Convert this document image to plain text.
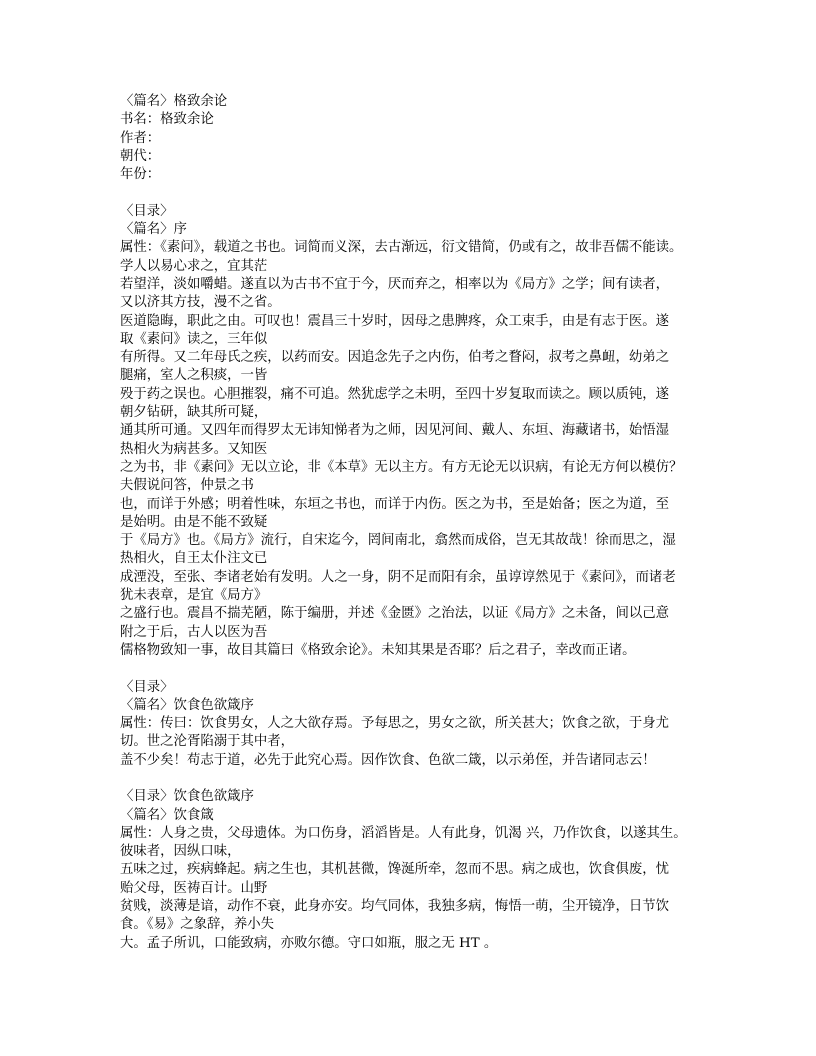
〈篇名〉格致余论
书名：格致余论
作者：
朝代：
年份：
〈目录〉
〈篇名〉序
属性：《素问》，载道之书也。词简而义深，去古渐远，衍文错简，仍或有之，故非吾儒不能读。
学人以易心求之，宜其茫
若望洋，淡如嚼蜡。遂直以为古书不宜于今，厌而弃之，相率以为《局方》之学；间有读者，
又以济其方技，漫不之省。
医道隐晦，职此之由。可叹也！震昌三十岁时，因母之患脾疼，众工束手，由是有志于医。遂
取《素问》读之，三年似
有所得。又二年母氏之疾，以药而安。因追念先子之内伤，伯考之瞀闷，叔考之鼻衄，幼弟之
腿痛，室人之积痰，一皆
殁于药之误也。心胆摧裂，痛不可追。然犹虑学之未明，至四十岁复取而读之。顾以质钝，遂
朝夕钻研，缺其所可疑，
通其所可通。又四年而得罗太无讳知悌者为之师，因见河间、戴人、东垣、海藏诸书，始悟湿
热相火为病甚多。又知医
之为书，非《素问》无以立论，非《本草》无以主方。有方无论无以识病，有论无方何以模仿？
夫假说问答，仲景之书
也，而详于外感；明着性味，东垣之书也，而详于内伤。医之为书，至是始备；医之为道，至
是始明。由是不能不致疑
于《局方》也。《局方》流行，自宋迄今，罔间南北，翕然而成俗，岂无其故哉！徐而思之，湿
热相火，自王太仆注文已
成湮没，至张、李诸老始有发明。人之一身，阴不足而阳有余，虽谆谆然见于《素问》，而诸老
犹未表章，是宜《局方》
之盛行也。震昌不揣芜陋，陈于编册，并述《金匮》之治法，以证《局方》之未备，间以己意
附之于后，古人以医为吾
儒格物致知一事，故目其篇曰《格致余论》。未知其果是否耶？后之君子，幸改而正诸。
〈目录〉
〈篇名〉饮食色欲箴序
属性：传曰：饮食男女，人之大欲存焉。予每思之，男女之欲，所关甚大；饮食之欲，于身尤
切。世之沦胥陷溺于其中者，
盖不少矣！苟志于道，必先于此究心焉。因作饮食、色欲二箴，以示弟侄，并告诸同志云！
〈目录〉饮食色欲箴序
〈篇名〉饮食箴
属性：人身之贵，父母遗体。为口伤身，滔滔皆是。人有此身，饥渴 兴，乃作饮食，以遂其生。
彼味者，因纵口味，
五味之过，疾病蜂起。病之生也，其机甚微，馋涎所牵，忽而不思。病之成也，饮食俱废，忧
贻父母，医祷百计。山野
贫贱，淡薄是谙，动作不衰，此身亦安。均气同体，我独多病，悔悟一萌，尘开镜净，日节饮
食。《易》之象辞，养小失
大。孟子所讥，口能致病，亦败尔德。守口如瓶，服之无 HT 。
